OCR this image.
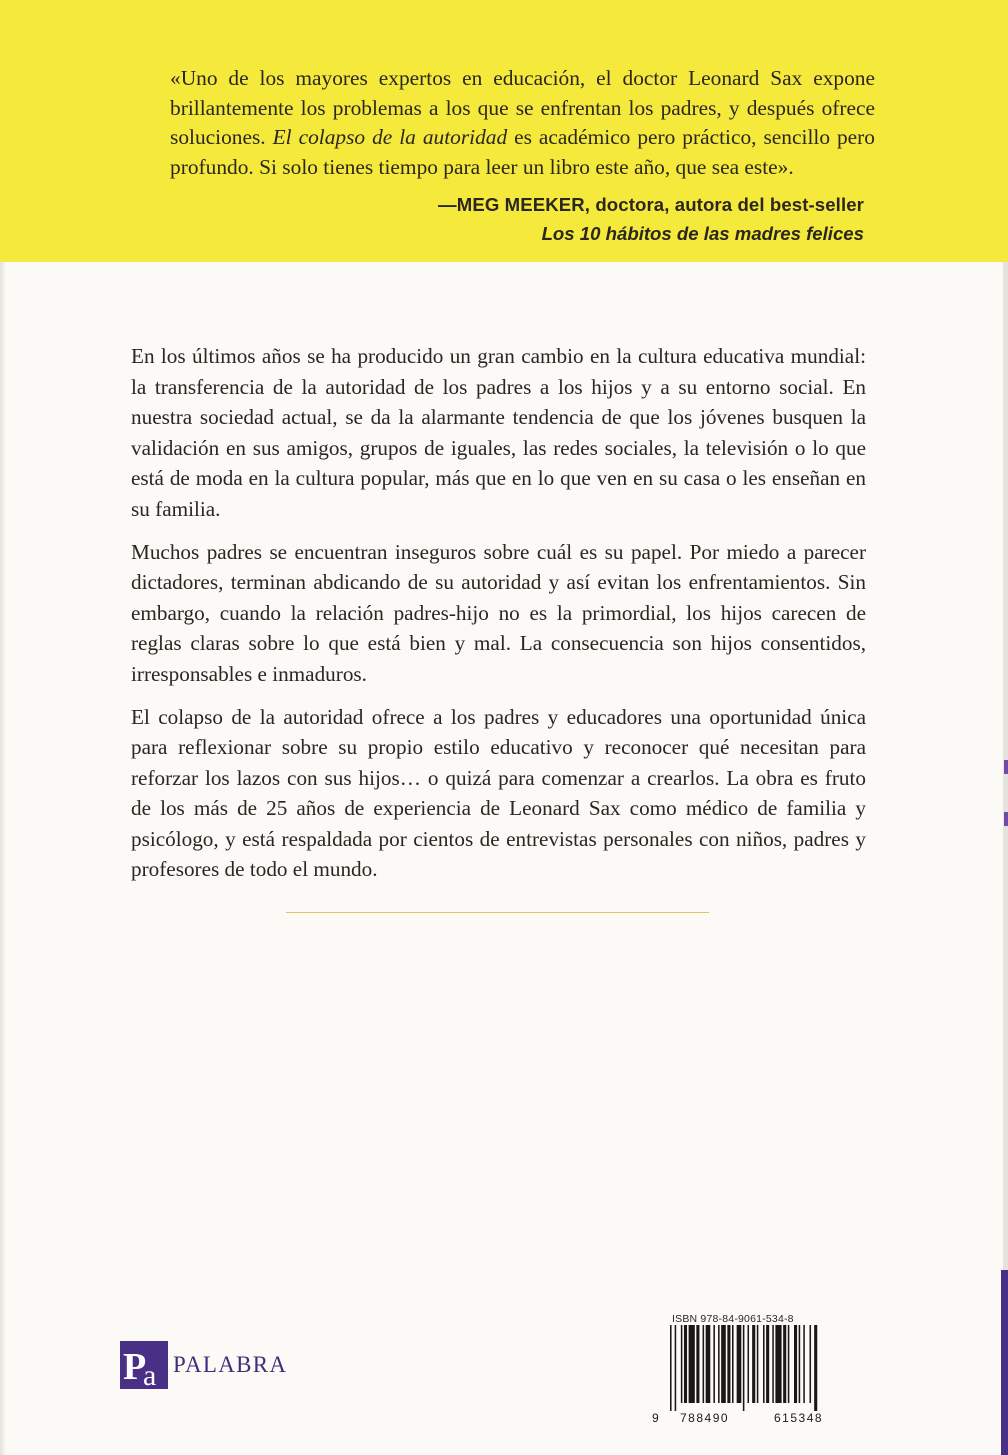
«Uno de los mayores expertos en educación, el doctor Leonard Sax expone brillantemente los problemas a los que se enfrentan los padres, y después ofrece soluciones. El colapso de la autoridad es académico pero práctico, sencillo pero profundo. Si solo tienes tiempo para leer un libro este año, que sea este».
—MEG MEEKER, doctora, autora del best-seller
Los 10 hábitos de las madres felices

En los últimos años se ha producido un gran cambio en la cultura educativa mundial: la transferencia de la autoridad de los padres a los hijos y a su entorno social. En nuestra sociedad actual, se da la alarmante tendencia de que los jóvenes busquen la validación en sus amigos, grupos de iguales, las redes sociales, la televisión o lo que está de moda en la cultura popular, más que en lo que ven en su casa o les enseñan en su familia.

Muchos padres se encuentran inseguros sobre cuál es su papel. Por miedo a parecer dictadores, terminan abdicando de su autoridad y así evitan los enfrentamientos. Sin embargo, cuando la relación padres-hijo no es la primordial, los hijos carecen de reglas claras sobre lo que está bien y mal. La consecuencia son hijos consentidos, irresponsables e inmaduros.

El colapso de la autoridad ofrece a los padres y educadores una oportunidad única para reflexionar sobre su propio estilo educativo y reconocer qué necesitan para reforzar los lazos con sus hijos… o quizá para comenzar a crearlos. La obra es fruto de los más de 25 años de experiencia de Leonard Sax como médico de familia y psicólogo, y está respaldada por cientos de entrevistas personales con niños, padres y profesores de todo el mundo.

ISBN 978-84-9061-534-8
9 788490	615348
P
a PALABRA
